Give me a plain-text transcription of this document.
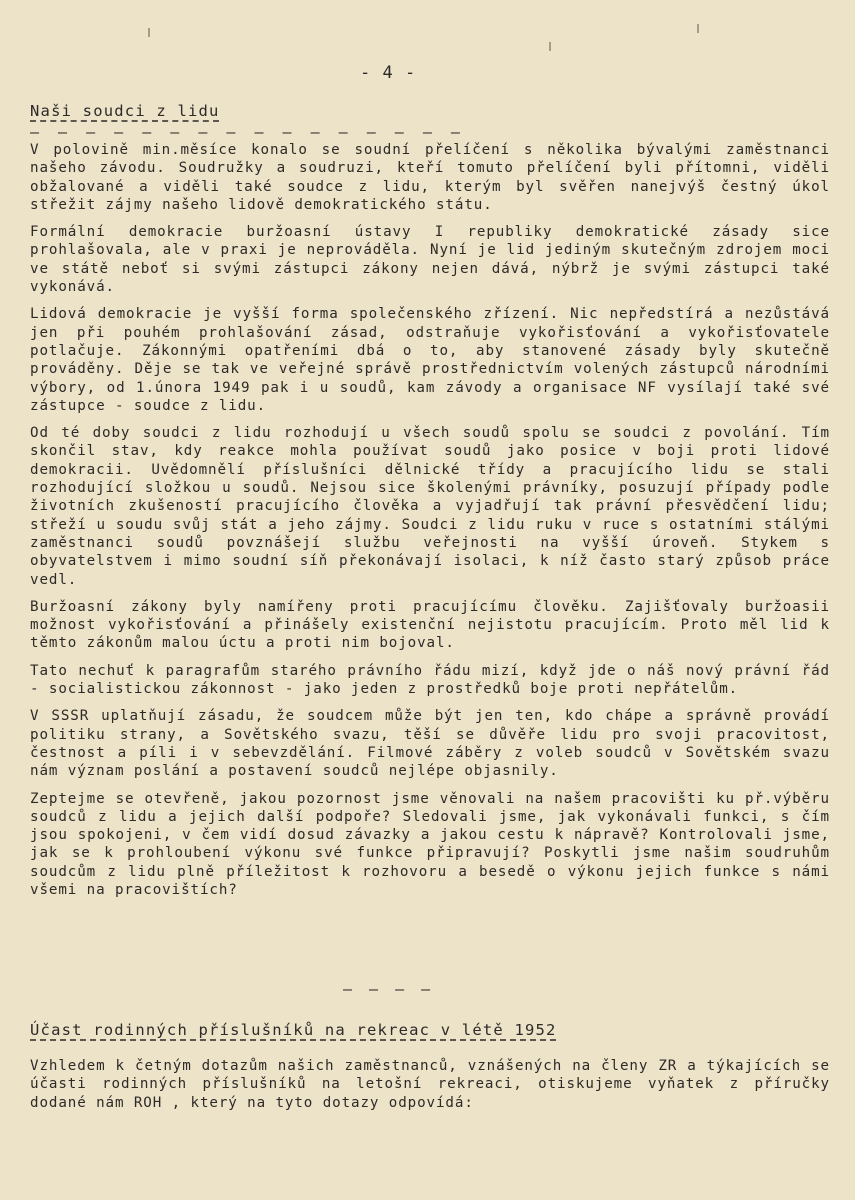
- 4 -
Naši soudci z lidu
— — — — — — — — — — — — — — — —

V polovině min.měsíce konalo se soudní přelíčení s několika bývalými zaměstnanci našeho závodu. Soudružky a soudruzi, kteří tomuto přelíčení byli přítomni, viděli obžalované a viděli také soudce z lidu, kterým byl svěřen nanejvýš čestný úkol střežit zájmy našeho lidově demokratického státu.

Formální demokracie buržoasní ústavy I republiky demokratické zásady sice prohlašovala, ale v praxi je neprováděla. Nyní je lid jediným skutečným zdrojem moci ve státě neboť si svými zástupci zákony nejen dává, nýbrž je svými zástupci také vykonává.

Lidová demokracie je vyšší forma společenského zřízení. Nic nepředstírá a nezůstává jen při pouhém prohlašování zásad, odstraňuje vykořisťování a vykořisťovatele potlačuje. Zákonnými opatřeními dbá o to, aby stanovené zásady byly skutečně prováděny. Děje se tak ve veřejné správě prostřednictvím volených zástupců národními výbory, od 1.února 1949 pak i u soudů, kam závody a organisace NF vysílají také své zástupce - soudce z lidu.

Od té doby soudci z lidu rozhodují u všech soudů spolu se soudci z povolání. Tím skončil stav, kdy reakce mohla používat soudů jako posice v boji proti lidové demokracii. Uvědomnělí příslušníci dělnické třídy a pracujícího lidu se stali rozhodující složkou u soudů. Nejsou sice školenými právníky, posuzují případy podle životních zkušeností pracujícího člověka a vyjadřují tak právní přesvědčení lidu; střeží u soudu svůj stát a jeho zájmy. Soudci z lidu ruku v ruce s ostatními stálými zaměstnanci soudů povznášejí službu veřejnosti na vyšší úroveň. Stykem s obyvatelstvem i mimo soudní síň překonávají isolaci, k níž často starý způsob práce vedl.

Buržoasní zákony byly namířeny proti pracujícímu člověku. Zajišťovaly buržoasii možnost vykořisťování a přinášely existenční nejistotu pracujícím. Proto měl lid k těmto zákonům malou úctu a proti nim bojoval.

Tato nechuť k paragrafům starého právního řádu mizí, když jde o náš nový právní řád - socialistickou zákonnost - jako jeden z prostředků boje proti nepřátelům.

V SSSR uplatňují zásadu, že soudcem může být jen ten, kdo chápe a správně provádí politiku strany, a Sovětského svazu, těší se důvěře lidu pro svoji pracovitost, čestnost a píli i v sebevzdělání. Filmové záběry z voleb soudců v Sovětském svazu nám význam poslání a postavení soudců nejlépe objasnily.

Zeptejme se otevřeně, jakou pozornost jsme věnovali na našem pracovišti ku př.výběru soudců z lidu a jejich další podpoře? Sledovali jsme, jak vykonávali funkci, s čím jsou spokojeni, v čem vidí dosud závazky a jakou cestu k nápravě? Kontrolovali jsme, jak se k prohloubení výkonu své funkce připravují? Poskytli jsme našim soudruhům soudcům z lidu plně příležitost k rozhovoru a besedě o výkonu jejich funkce s námi všemi na pracovištích?

— — — —
Účast rodinných příslušníků na rekreac v létě 1952

Vzhledem k četným dotazům našich zaměstnanců, vznášených na členy ZR a týkajících se účasti rodinných příslušníků na letošní rekreaci, otiskujeme vyňatek z příručky dodané nám ROH , který na tyto dotazy odpovídá:
